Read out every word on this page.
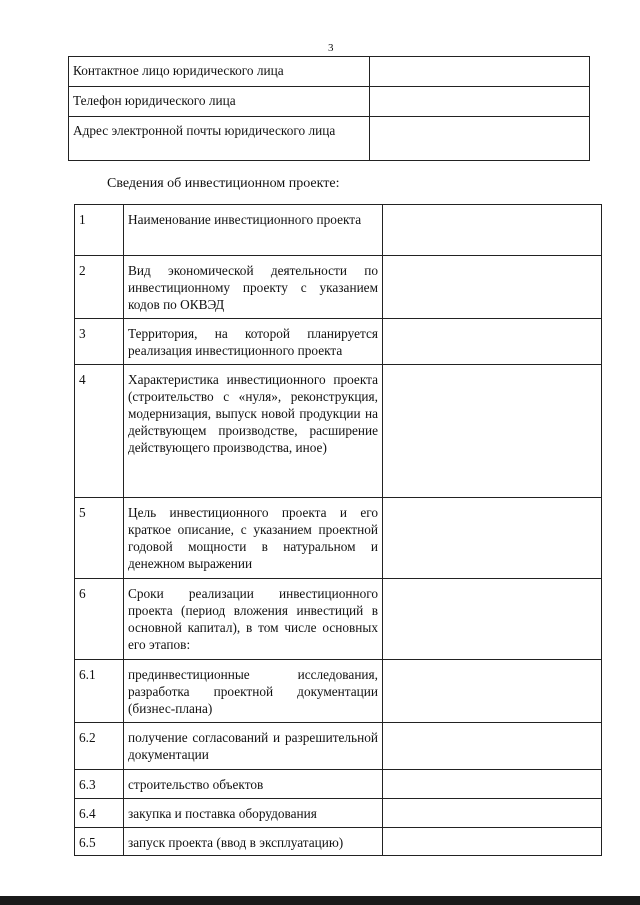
3
Контактное лицо юридического лица	
Телефон юридического лица	
Адрес электронной почты юридического лица	
Сведения об инвестиционном проекте:
1	Наименование инвестиционного проекта	
2	Вид экономической деятельности по инвестиционному проекту с указанием кодов по ОКВЭД	
3	Территория, на которой планируется реализация инвестиционного проекта	
4	Характеристика инвестиционного проекта (строительство с «нуля», реконструкция, модернизация, выпуск новой продукции на действующем производстве, расширение действующего производства, иное)	
5	Цель инвестиционного проекта и его краткое описание, с указанием проектной годовой мощности в натуральном и денежном выражении	
6	Сроки реализации инвестиционного проекта (период вложения инвестиций в основной капитал), в том числе основных его этапов:	
6.1	прединвестиционные исследования, разработка проектной документации (бизнес-плана)	
6.2	получение согласований и разрешительной документации	
6.3	строительство объектов	
6.4	закупка и поставка оборудования	
6.5	запуск проекта (ввод в эксплуатацию)	
